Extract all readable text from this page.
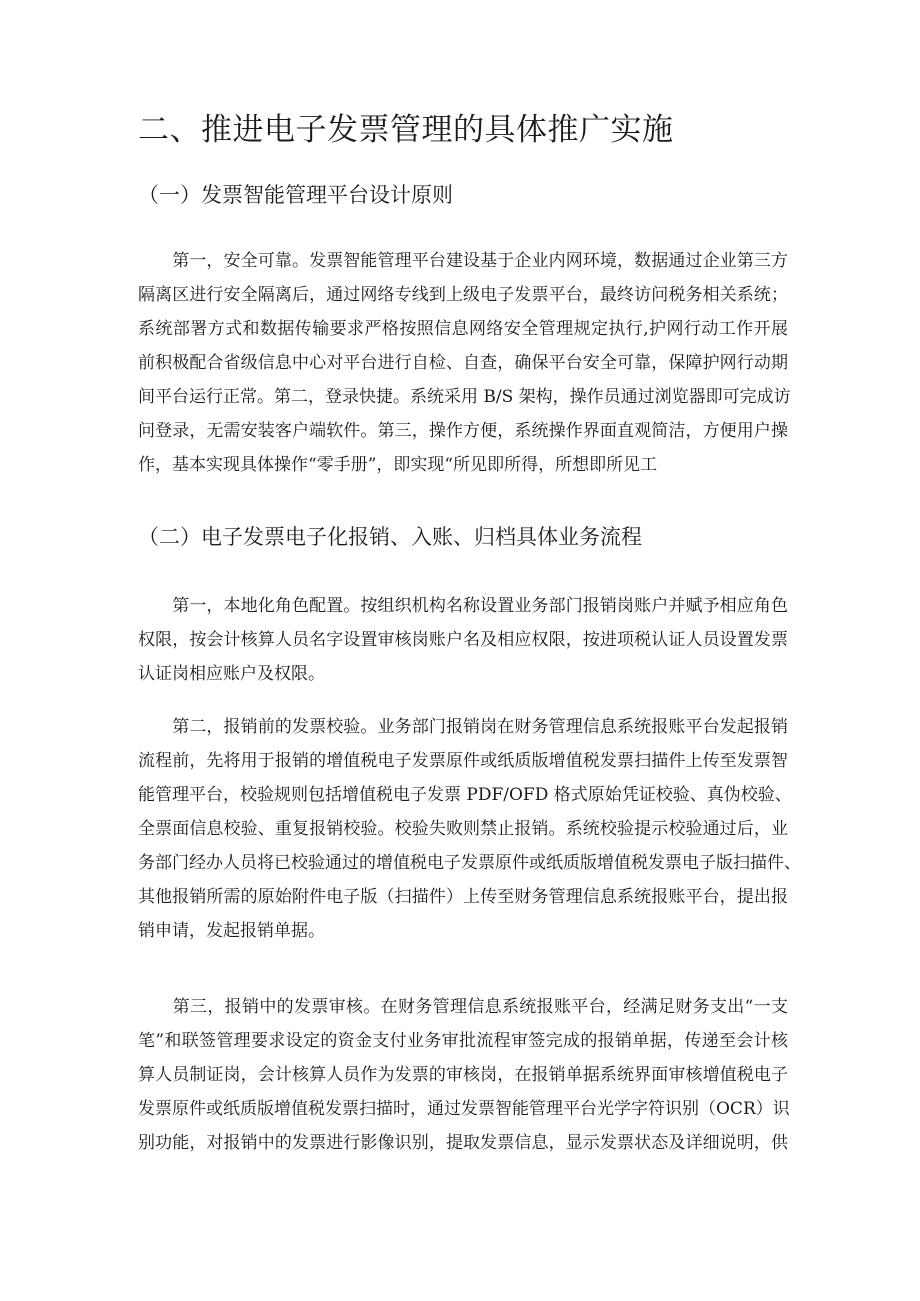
二、推进电子发票管理的具体推广实施
（一）发票智能管理平台设计原则

　　第一，安全可靠。发票智能管理平台建设基于企业内网环境，数据通过企业第三方
隔离区进行安全隔离后，通过网络专线到上级电子发票平台，最终访问税务相关系统；
系统部署方式和数据传输要求严格按照信息网络安全管理规定执行,护网行动工作开展
前积极配合省级信息中心对平台进行自检、自查，确保平台安全可靠，保障护网行动期
间平台运行正常。第二，登录快捷。系统采用 B/S 架构，操作员通过浏览器即可完成访
问登录，无需安装客户端软件。第三，操作方便，系统操作界面直观简洁，方便用户操
作，基本实现具体操作“零手册”，即实现“所见即所得，所想即所见工

（二）电子发票电子化报销、入账、归档具体业务流程

　　第一，本地化角色配置。按组织机构名称设置业务部门报销岗账户并赋予相应角色
权限，按会计核算人员名字设置审核岗账户名及相应权限，按进项税认证人员设置发票
认证岗相应账户及权限。

　　第二，报销前的发票校验。业务部门报销岗在财务管理信息系统报账平台发起报销
流程前，先将用于报销的增值税电子发票原件或纸质版增值税发票扫描件上传至发票智
能管理平台，校验规则包括增值税电子发票 PDF/OFD 格式原始凭证校验、真伪校验、
全票面信息校验、重复报销校验。校验失败则禁止报销。系统校验提示校验通过后，业
务部门经办人员将已校验通过的增值税电子发票原件或纸质版增值税发票电子版扫描件、
其他报销所需的原始附件电子版（扫描件）上传至财务管理信息系统报账平台，提出报
销申请，发起报销单据。

　　第三，报销中的发票审核。在财务管理信息系统报账平台，经满足财务支出“一支
笔”和联签管理要求设定的资金支付业务审批流程审签完成的报销单据，传递至会计核
算人员制证岗，会计核算人员作为发票的审核岗，在报销单据系统界面审核增值税电子
发票原件或纸质版增值税发票扫描时，通过发票智能管理平台光学字符识别（OCR）识
别功能，对报销中的发票进行影像识别，提取发票信息，显示发票状态及详细说明，供
